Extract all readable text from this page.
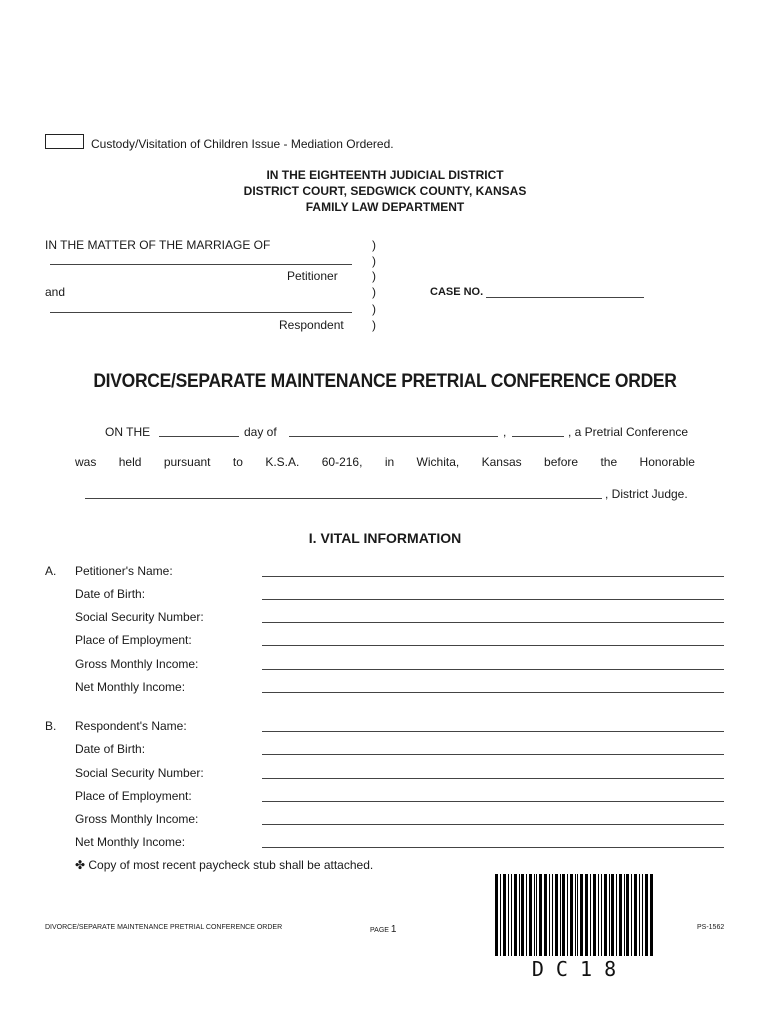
Custody/Visitation of Children Issue - Mediation Ordered.
IN THE EIGHTEENTH JUDICIAL DISTRICT
DISTRICT COURT, SEDGWICK COUNTY, KANSAS
FAMILY LAW DEPARTMENT
IN THE MATTER OF THE MARRIAGE OF
Petitioner
and
Respondent
)
)
)
)
)
)
CASE NO.
DIVORCE/SEPARATE MAINTENANCE PRETRIAL CONFERENCE ORDER
ON THE	day of	,	, a Pretrial Conference
was held pursuant to K.S.A. 60-216, in Wichita, Kansas before the Honorable
, District Judge.
I. VITAL INFORMATION
A. Petitioner's Name:
Date of Birth:
Social Security Number:
Place of Employment:
Gross Monthly Income:
Net Monthly Income:
B. Respondent's Name:
Date of Birth:
Social Security Number:
Place of Employment:
Gross Monthly Income:
Net Monthly Income:
✤ Copy of most recent paycheck stub shall be attached.
DIVORCE/SEPARATE MAINTENANCE PRETRIAL CONFERENCE ORDER	PAGE 1	PS-1562
D C 1 8
